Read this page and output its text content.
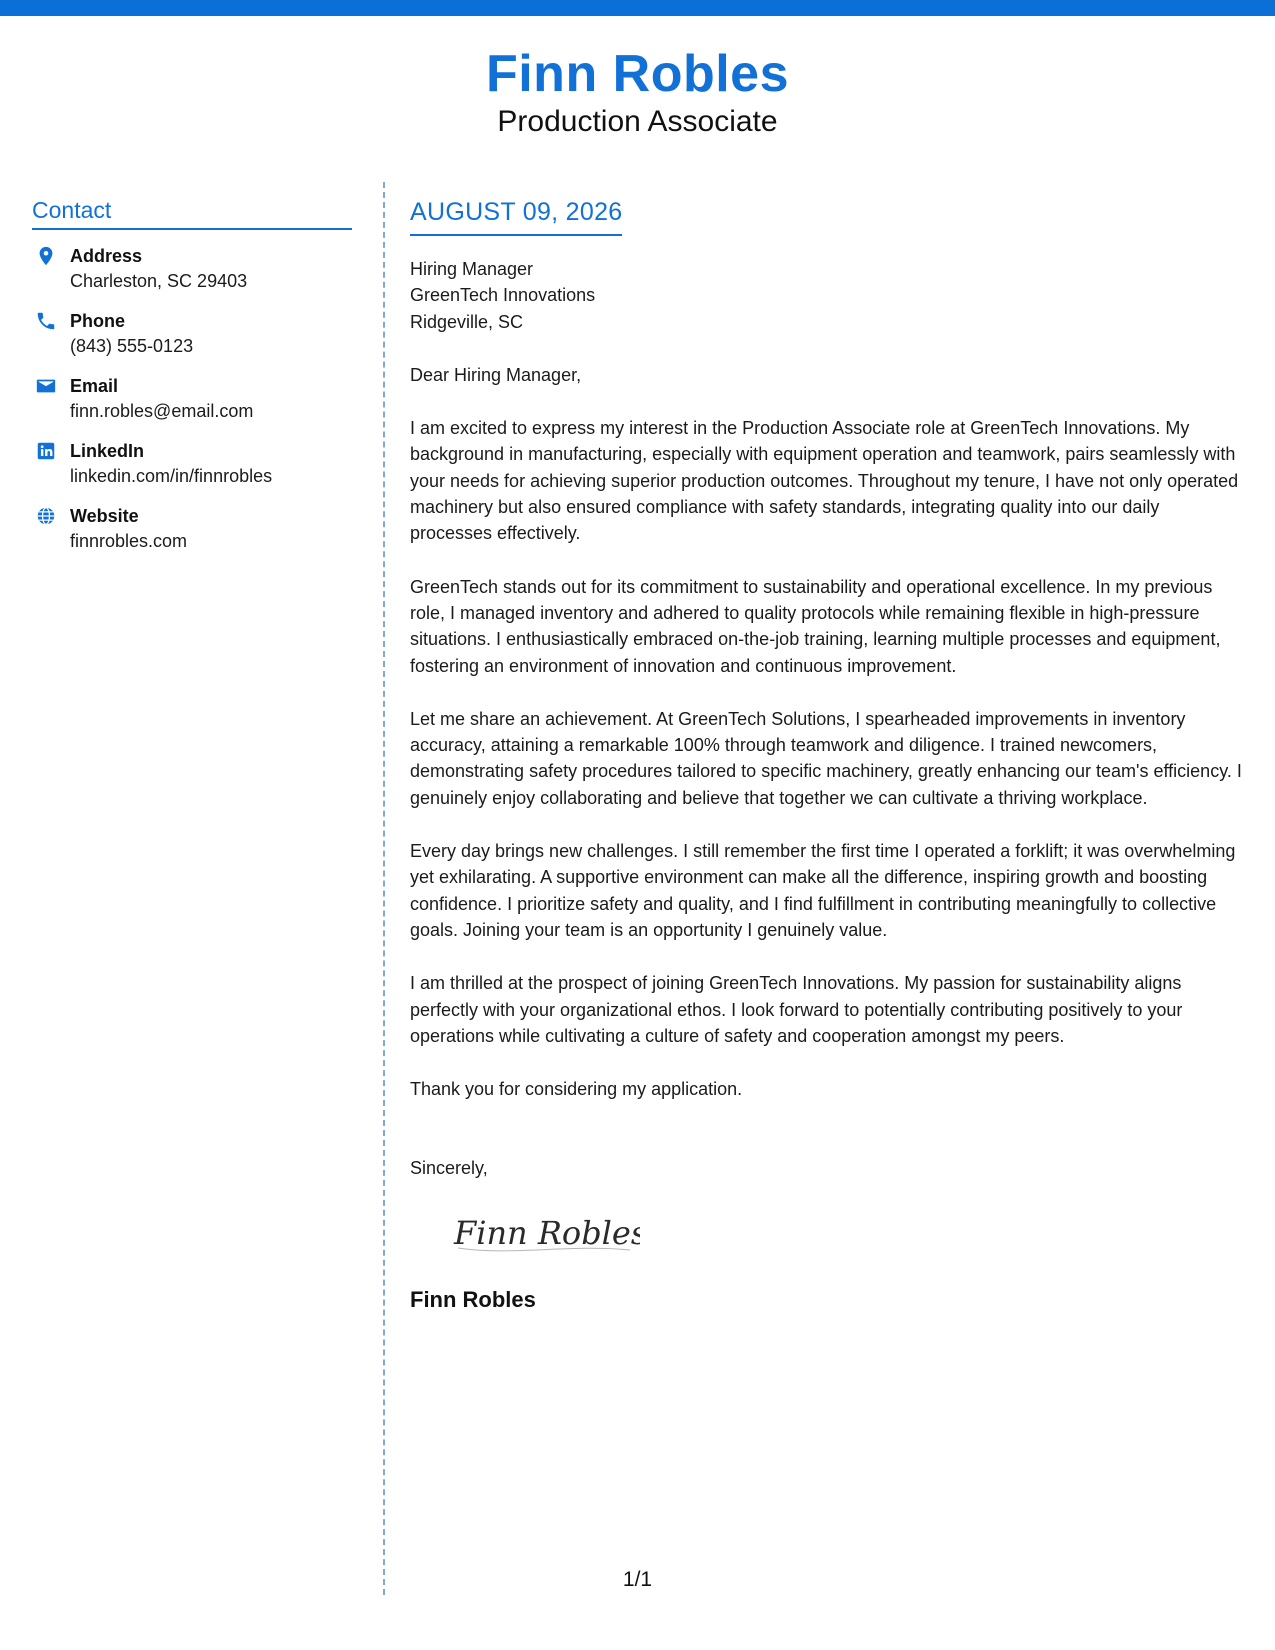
Finn Robles
Production Associate
Contact
Address
Charleston, SC 29403
Phone
(843) 555-0123
Email
finn.robles@email.com
LinkedIn
linkedin.com/in/finnrobles
Website
finnrobles.com
AUGUST 09, 2026
Hiring Manager
GreenTech Innovations
Ridgeville, SC
Dear Hiring Manager,

I am excited to express my interest in the Production Associate role at GreenTech Innovations. My background in manufacturing, especially with equipment operation and teamwork, pairs seamlessly with your needs for achieving superior production outcomes. Throughout my tenure, I have not only operated machinery but also ensured compliance with safety standards, integrating quality into our daily processes effectively.

GreenTech stands out for its commitment to sustainability and operational excellence. In my previous role, I managed inventory and adhered to quality protocols while remaining flexible in high-pressure situations. I enthusiastically embraced on-the-job training, learning multiple processes and equipment, fostering an environment of innovation and continuous improvement.

Let me share an achievement. At GreenTech Solutions, I spearheaded improvements in inventory accuracy, attaining a remarkable 100% through teamwork and diligence. I trained newcomers, demonstrating safety procedures tailored to specific machinery, greatly enhancing our team's efficiency. I genuinely enjoy collaborating and believe that together we can cultivate a thriving workplace.

Every day brings new challenges. I still remember the first time I operated a forklift; it was overwhelming yet exhilarating. A supportive environment can make all the difference, inspiring growth and boosting confidence. I prioritize safety and quality, and I find fulfillment in contributing meaningfully to collective goals. Joining your team is an opportunity I genuinely value.

I am thrilled at the prospect of joining GreenTech Innovations. My passion for sustainability aligns perfectly with your organizational ethos. I look forward to potentially contributing positively to your operations while cultivating a culture of safety and cooperation amongst my peers.

Thank you for considering my application.

Sincerely,
Finn Robles
Finn Robles
1/1
